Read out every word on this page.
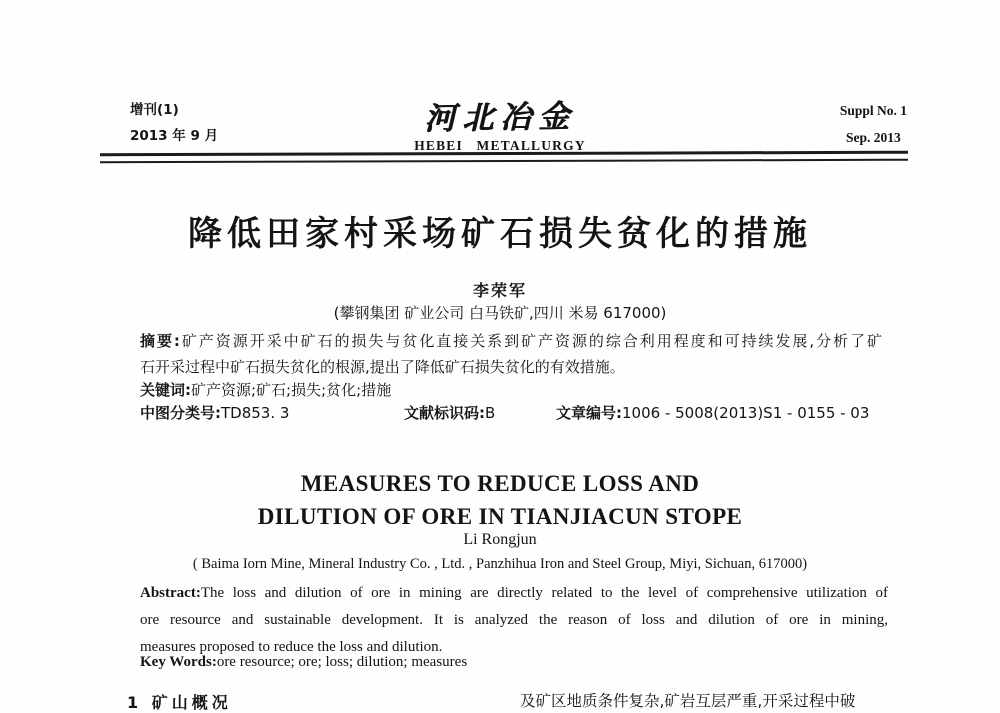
增刊(1)
2013 年 9 月	河北冶金
HEBEI METALLURGY
Suppl No. 1
Sep. 2013
降低田家村采场矿石损失贫化的措施
李荣军
(攀钢集团 矿业公司 白马铁矿,四川 米易 617000)
摘要:矿产资源开采中矿石的损失与贫化直接关系到矿产资源的综合利用程度和可持续发展,分析了矿
石开采过程中矿石损失贫化的根源,提出了降低矿石损失贫化的有效措施。
关键词:矿产资源;矿石;损失;贫化;措施
中图分类号:TD853. 3	文献标识码:B	文章编号:1006 - 5008(2013)S1 - 0155 - 03
MEASURES TO REDUCE LOSS AND
DILUTION OF ORE IN TIANJIACUN STOPE
Li Rongjun
( Baima Iorn Mine, Mineral Industry Co. , Ltd. , Panzhihua Iron and Steel Group, Miyi, Sichuan, 617000)
Abstract:The loss and dilution of ore in mining are directly related to the level of comprehensive utilization of
ore resource and sustainable development. It is analyzed the reason of loss and dilution of ore in mining,
measures proposed to reduce the loss and dilution.
Key Words:ore resource; ore; loss; dilution; measures
1 矿山概况	及矿区地质条件复杂,矿岩互层严重,开采过程中破
